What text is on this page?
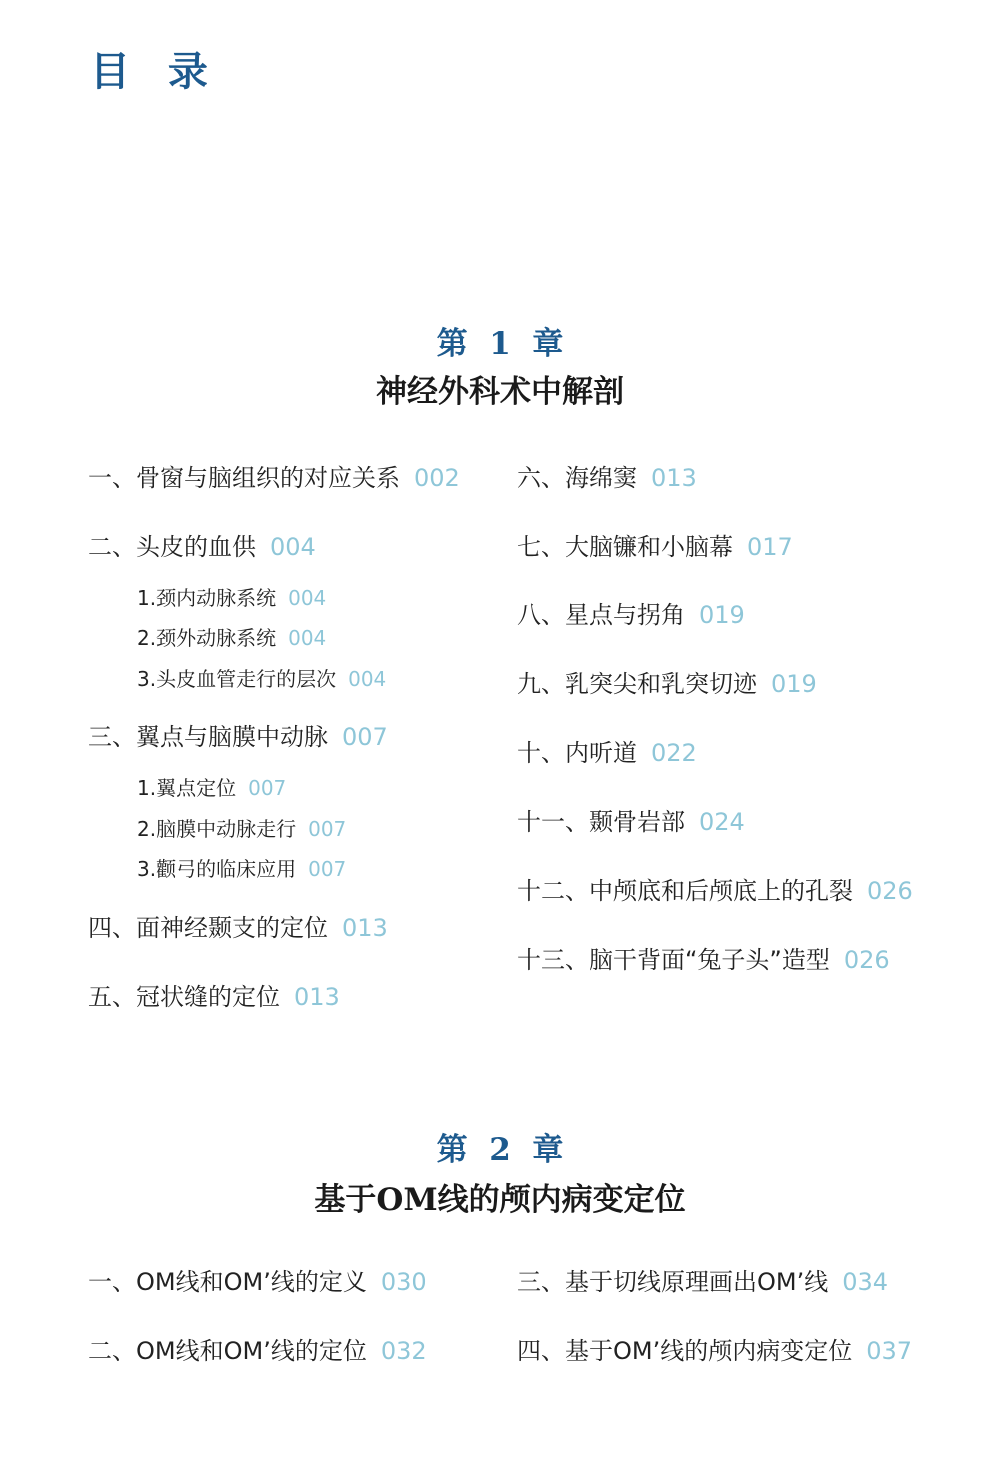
目 录
第  1  章
神经外科术中解剖
一、骨窗与脑组织的对应关系 002
二、头皮的血供 004
1.颈内动脉系统 004
2.颈外动脉系统 004
3.头皮血管走行的层次 004
三、翼点与脑膜中动脉 007
1.翼点定位 007
2.脑膜中动脉走行 007
3.颧弓的临床应用 007
四、面神经颞支的定位 013
五、冠状缝的定位 013
六、海绵窦 013
七、大脑镰和小脑幕 017
八、星点与拐角 019
九、乳突尖和乳突切迹 019
十、内听道 022
十一、颞骨岩部 024
十二、中颅底和后颅底上的孔裂 026
十三、脑干背面“兔子头”造型 026
第  2  章
基于OM线的颅内病变定位
一、OM线和OM’线的定义 030
二、OM线和OM’线的定位 032
三、基于切线原理画出OM’线 034
四、基于OM’线的颅内病变定位 037
